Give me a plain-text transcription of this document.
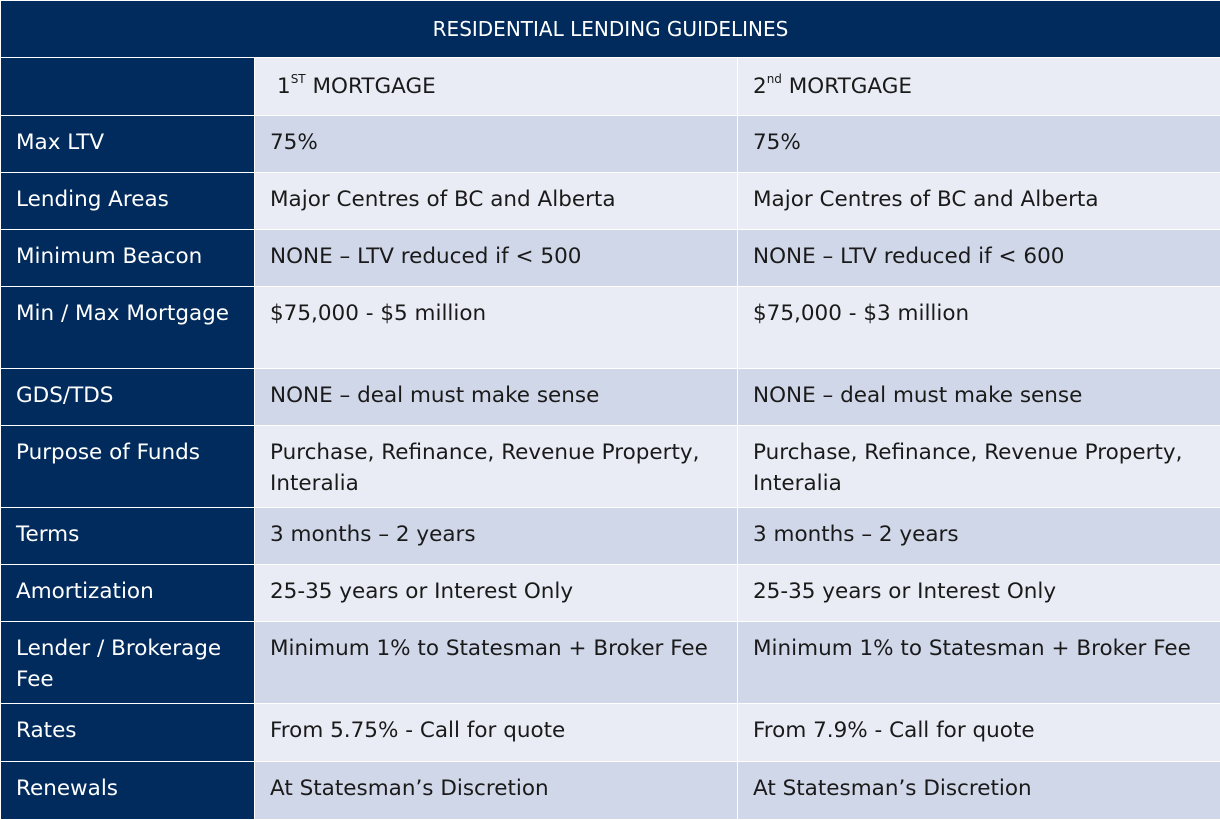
RESIDENTIAL LENDING GUIDELINES		
	1ST MORTGAGE	2nd MORTGAGE
Max LTV	75%	75%
Lending Areas	Major Centres of BC and Alberta	Major Centres of BC and Alberta
Minimum Beacon	NONE – LTV reduced if < 500	NONE – LTV reduced if < 600
Min / Max Mortgage	$75,000 - $5 million	$75,000 - $3 million
GDS/TDS	NONE – deal must make sense	NONE – deal must make sense
Purpose of Funds	Purchase, Refinance, Revenue Property, Interalia	Purchase, Refinance, Revenue Property, Interalia
Terms	3 months – 2 years	3 months – 2 years
Amortization	25-35 years or Interest Only	25-35 years or Interest Only
Lender / Brokerage Fee	Minimum 1% to Statesman + Broker Fee	Minimum 1% to Statesman + Broker Fee
Rates	From 5.75% - Call for quote	From 7.9% - Call for quote
Renewals	At Statesman’s Discretion	At Statesman’s Discretion
